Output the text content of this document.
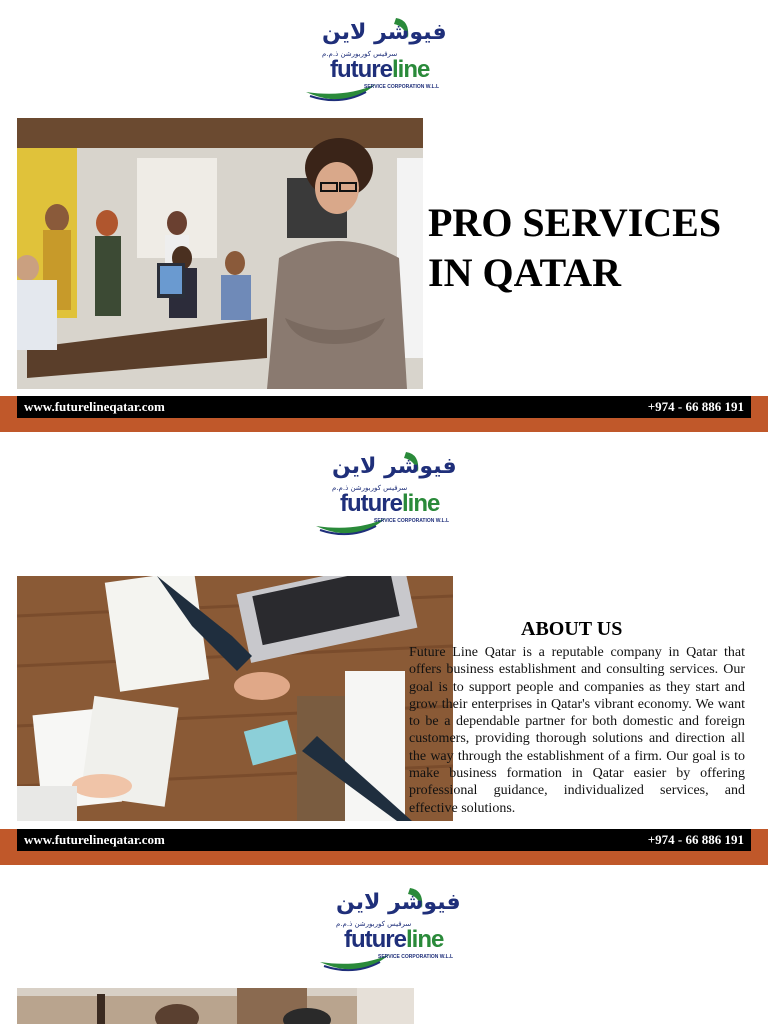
فيوشر لاين
سرفيس كوربورشن ذ.م.م
futureline
SERVICE CORPORATION W.L.L
PRO SERVICES
IN QATAR
www.futurelineqatar.com	+974 - 66 886 191
فيوشر لاين
سرفيس كوربورشن ذ.م.م
futureline
SERVICE CORPORATION W.L.L
ABOUT US
Future Line Qatar is a reputable company in Qatar that offers business establishment and consulting services. Our goal is to support people and companies as they start and grow their enterprises in Qatar's vibrant economy. We want to be a dependable partner for both domestic and foreign customers, providing thorough solutions and direction all the way through the establishment of a firm. Our goal is to make business formation in Qatar easier by offering professional guidance, individualized services, and effective solutions.
www.futurelineqatar.com	+974 - 66 886 191
فيوشر لاين
سرفيس كوربورشن ذ.م.م
futureline
SERVICE CORPORATION W.L.L
